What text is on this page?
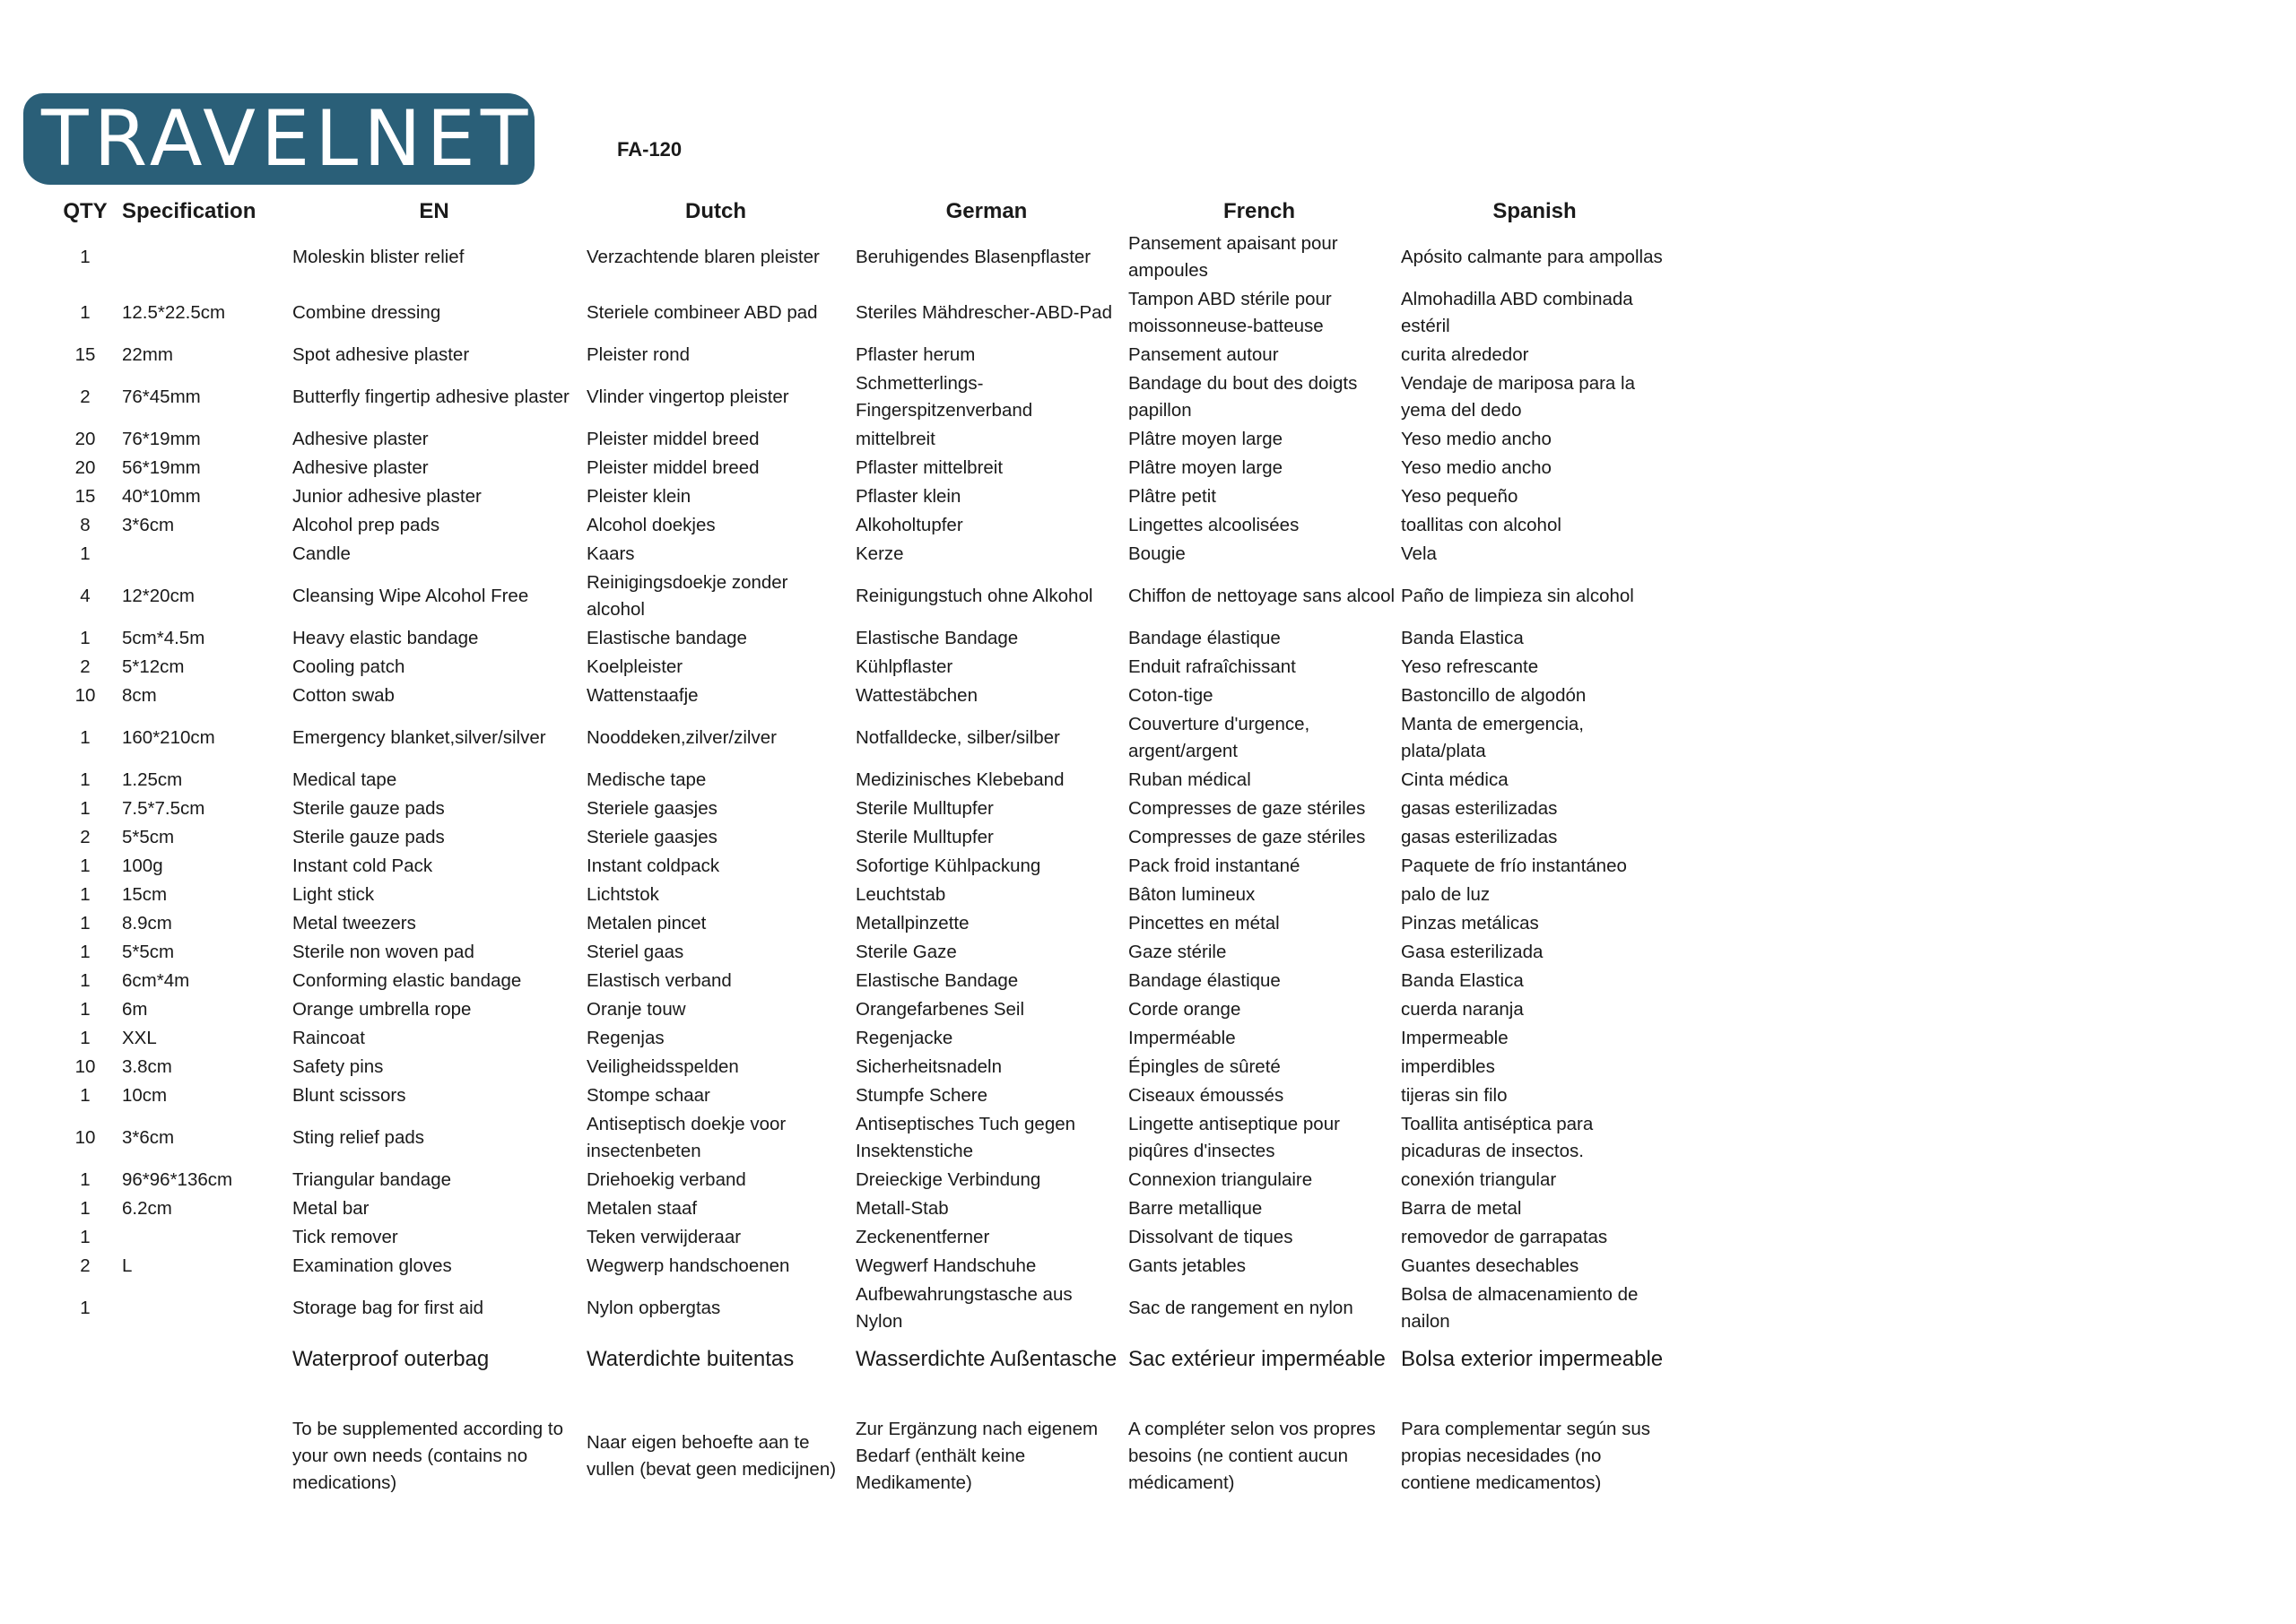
TRAVELNET	FA-120
QTY	Specification	EN	Dutch	German	French	Spanish
1		Moleskin blister relief	Verzachtende blaren pleister	Beruhigendes Blasenpflaster	Pansement apaisant pour ampoules	Apósito calmante para ampollas
1	12.5*22.5cm	Combine dressing	Steriele combineer ABD pad	Steriles Mähdrescher-ABD-Pad	Tampon ABD stérile pour moissonneuse-batteuse	Almohadilla ABD combinada estéril
15	22mm	Spot adhesive plaster	Pleister rond	Pflaster herum	Pansement autour	curita alrededor
2	76*45mm	Butterfly fingertip adhesive plaster	Vlinder vingertop pleister	Schmetterlings-Fingerspitzenverband	Bandage du bout des doigts papillon	Vendaje de mariposa para la yema del dedo
20	76*19mm	Adhesive plaster	Pleister middel breed	mittelbreit	Plâtre moyen large	Yeso medio ancho
20	56*19mm	Adhesive plaster	Pleister middel breed	Pflaster mittelbreit	Plâtre moyen large	Yeso medio ancho
15	40*10mm	Junior adhesive plaster	Pleister klein	Pflaster klein	Plâtre petit	Yeso pequeño
8	3*6cm	Alcohol prep pads	Alcohol doekjes	Alkoholtupfer	Lingettes alcoolisées	toallitas con alcohol
1		Candle	Kaars	Kerze	Bougie	Vela
4	12*20cm	Cleansing Wipe Alcohol Free	Reinigingsdoekje zonder alcohol	Reinigungstuch ohne Alkohol	Chiffon de nettoyage sans alcool	Paño de limpieza sin alcohol
1	5cm*4.5m	Heavy elastic bandage	Elastische bandage	Elastische Bandage	Bandage élastique	Banda Elastica
2	5*12cm	Cooling patch	Koelpleister	Kühlpflaster	Enduit rafraîchissant	Yeso refrescante
10	8cm	Cotton swab	Wattenstaafje	Wattestäbchen	Coton-tige	Bastoncillo de algodón
1	160*210cm	Emergency blanket,silver/silver	Nooddeken,zilver/zilver	Notfalldecke, silber/silber	Couverture d'urgence, argent/argent	Manta de emergencia, plata/plata
1	1.25cm	Medical tape	Medische tape	Medizinisches Klebeband	Ruban médical	Cinta médica
1	7.5*7.5cm	Sterile gauze pads	Steriele gaasjes	Sterile Mulltupfer	Compresses de gaze stériles	gasas esterilizadas
2	5*5cm	Sterile gauze pads	Steriele gaasjes	Sterile Mulltupfer	Compresses de gaze stériles	gasas esterilizadas
1	100g	Instant cold Pack	Instant coldpack	Sofortige Kühlpackung	Pack froid instantané	Paquete de frío instantáneo
1	15cm	Light stick	Lichtstok	Leuchtstab	Bâton lumineux	palo de luz
1	8.9cm	Metal tweezers	Metalen pincet	Metallpinzette	Pincettes en métal	Pinzas metálicas
1	5*5cm	Sterile non woven pad	Steriel gaas	Sterile Gaze	Gaze stérile	Gasa esterilizada
1	6cm*4m	Conforming elastic bandage	Elastisch verband	Elastische Bandage	Bandage élastique	Banda Elastica
1	6m	Orange umbrella rope	Oranje touw	Orangefarbenes Seil	Corde orange	cuerda naranja
1	XXL	Raincoat	Regenjas	Regenjacke	Imperméable	Impermeable
10	3.8cm	Safety pins	Veiligheidsspelden	Sicherheitsnadeln	Épingles de sûreté	imperdibles
1	10cm	Blunt scissors	Stompe schaar	Stumpfe Schere	Ciseaux émoussés	tijeras sin filo
10	3*6cm	Sting relief pads	Antiseptisch doekje voor insectenbeten	Antiseptisches Tuch gegen Insektenstiche	Lingette antiseptique pour piqûres d'insectes	Toallita antiséptica para picaduras de insectos.
1	96*96*136cm	Triangular bandage	Driehoekig verband	Dreieckige Verbindung	Connexion triangulaire	conexión triangular
1	6.2cm	Metal bar	Metalen staaf	Metall-Stab	Barre metallique	Barra de metal
1		Tick remover	Teken verwijderaar	Zeckenentferner	Dissolvant de tiques	removedor de garrapatas
2	L	Examination gloves	Wegwerp handschoenen	Wegwerf Handschuhe	Gants jetables	Guantes desechables
1		Storage bag for first aid	Nylon opbergtas	Aufbewahrungstasche aus Nylon	Sac de rangement en nylon	Bolsa de almacenamiento de nailon
		Waterproof outerbag	Waterdichte buitentas	Wasserdichte Außentasche	Sac extérieur imperméable	Bolsa exterior impermeable

		To be supplemented according to your own needs (contains no medications)	Naar eigen behoefte aan te vullen (bevat geen medicijnen)	Zur Ergänzung nach eigenem Bedarf (enthält keine Medikamente)	A compléter selon vos propres besoins (ne contient aucun médicament)	Para complementar según sus propias necesidades (no contiene medicamentos)
